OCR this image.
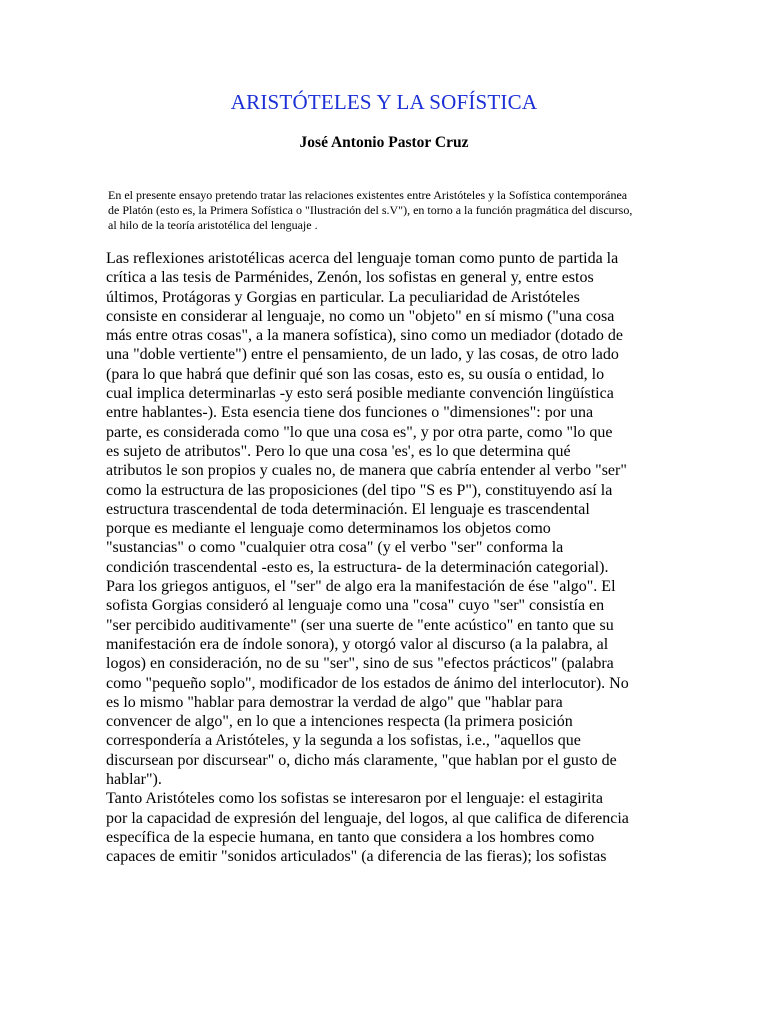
ARISTÓTELES Y LA SOFÍSTICA

José Antonio Pastor Cruz

En el presente ensayo pretendo tratar las relaciones existentes entre Aristóteles y la Sofística contemporánea
de Platón (esto es, la Primera Sofística o "Ilustración del s.V"), en torno a la función pragmática del discurso,
al hilo de la teoría aristotélica del lenguaje .

Las reflexiones aristotélicas acerca del lenguaje toman como punto de partida la
crítica a las tesis de Parménides, Zenón, los sofistas en general y, entre estos
últimos, Protágoras y Gorgias en particular. La peculiaridad de Aristóteles
consiste en considerar al lenguaje, no como un "objeto" en sí mismo ("una cosa
más entre otras cosas", a la manera sofística), sino como un mediador (dotado de
una "doble vertiente") entre el pensamiento, de un lado, y las cosas, de otro lado
(para lo que habrá que definir qué son las cosas, esto es, su ousía o entidad, lo
cual implica determinarlas -y esto será posible mediante convención lingüística
entre hablantes-). Esta esencia tiene dos funciones o "dimensiones": por una
parte, es considerada como "lo que una cosa es", y por otra parte, como "lo que
es sujeto de atributos". Pero lo que una cosa 'es', es lo que determina qué
atributos le son propios y cuales no, de manera que cabría entender al verbo "ser"
como la estructura de las proposiciones (del tipo "S es P"), constituyendo así la
estructura trascendental de toda determinación. El lenguaje es trascendental
porque es mediante el lenguaje como determinamos los objetos como
"sustancias" o como "cualquier otra cosa" (y el verbo "ser" conforma la
condición trascendental -esto es, la estructura- de la determinación categorial).
Para los griegos antiguos, el "ser" de algo era la manifestación de ése "algo". El
sofista Gorgias consideró al lenguaje como una "cosa" cuyo "ser" consistía en
"ser percibido auditivamente" (ser una suerte de "ente acústico" en tanto que su
manifestación era de índole sonora), y otorgó valor al discurso (a la palabra, al
logos) en consideración, no de su "ser", sino de sus "efectos prácticos" (palabra
como "pequeño soplo", modificador de los estados de ánimo del interlocutor). No
es lo mismo "hablar para demostrar la verdad de algo" que "hablar para
convencer de algo", en lo que a intenciones respecta (la primera posición
correspondería a Aristóteles, y la segunda a los sofistas, i.e., "aquellos que
discursean por discursear" o, dicho más claramente, "que hablan por el gusto de
hablar").
Tanto Aristóteles como los sofistas se interesaron por el lenguaje: el estagirita
por la capacidad de expresión del lenguaje, del logos, al que califica de diferencia
específica de la especie humana, en tanto que considera a los hombres como
capaces de emitir "sonidos articulados" (a diferencia de las fieras); los sofistas
